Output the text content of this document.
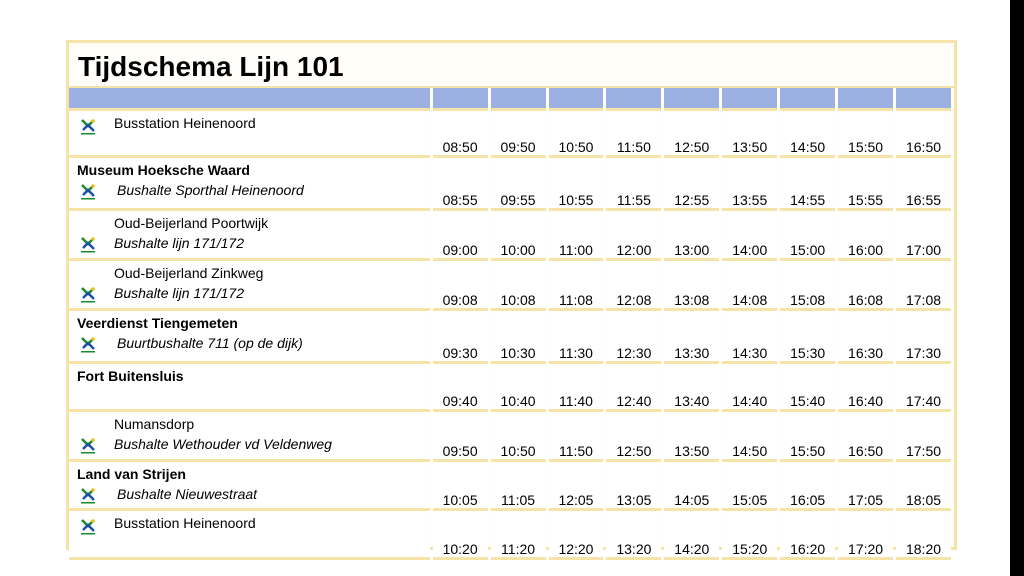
Tijdschema Lijn 101

Busstation Heinenoord	08:50	09:50	10:50	11:50	12:50	13:50	14:50	15:50	16:50

Museum Hoeksche Waard
Bushalte Sporthal Heinenoord	08:55	09:55	10:55	11:55	12:55	13:55	14:55	15:55	16:55

Oud-Beijerland Poortwijk
Bushalte lijn 171/172	09:00	10:00	11:00	12:00	13:00	14:00	15:00	16:00	17:00

Oud-Beijerland Zinkweg
Bushalte lijn 171/172	09:08	10:08	11:08	12:08	13:08	14:08	15:08	16:08	17:08

Veerdienst Tiengemeten
Buurtbushalte 711 (op de dijk)	09:30	10:30	11:30	12:30	13:30	14:30	15:30	16:30	17:30

Fort Buitensluis	09:40	10:40	11:40	12:40	13:40	14:40	15:40	16:40	17:40

Numansdorp
Bushalte Wethouder vd Veldenweg	09:50	10:50	11:50	12:50	13:50	14:50	15:50	16:50	17:50

Land van Strijen
Bushalte Nieuwestraat	10:05	11:05	12:05	13:05	14:05	15:05	16:05	17:05	18:05

Busstation Heinenoord	10:20	11:20	12:20	13:20	14:20	15:20	16:20	17:20	18:20
